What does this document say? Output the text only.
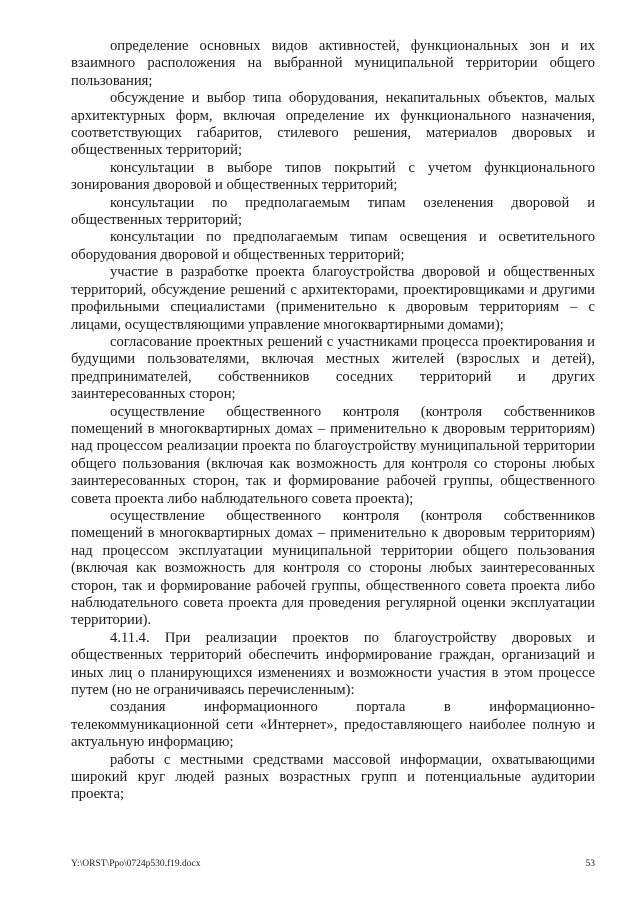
определение основных видов активностей, функциональных зон и их взаимного расположения на выбранной муниципальной территории общего пользования;

обсуждение и выбор типа оборудования, некапитальных объектов, малых архитектурных форм, включая определение их функционального назначения, соответствующих габаритов, стилевого решения, материалов дворовых и общественных территорий;

консультации в выборе типов покрытий с учетом функционального зонирования дворовой и общественных территорий;

консультации по предполагаемым типам озеленения дворовой и общественных территорий;

консультации по предполагаемым типам освещения и осветительного оборудования дворовой и общественных территорий;

участие в разработке проекта благоустройства дворовой и общественных территорий, обсуждение решений с архитекторами, проектировщиками и другими профильными специалистами (применительно к дворовым территориям – с лицами, осуществляющими управление многоквартирными домами);

согласование проектных решений с участниками процесса проектирования и будущими пользователями, включая местных жителей (взрослых и детей), предпринимателей, собственников соседних территорий и других заинтересованных сторон;

осуществление общественного контроля (контроля собственников помещений в многоквартирных домах – применительно к дворовым территориям) над процессом реализации проекта по благоустройству муниципальной территории общего пользования (включая как возможность для контроля со стороны любых заинтересованных сторон, так и формирование рабочей группы, общественного совета проекта либо наблюдательного совета проекта);

осуществление общественного контроля (контроля собственников помещений в многоквартирных домах – применительно к дворовым территориям) над процессом эксплуатации муниципальной территории общего пользования (включая как возможность для контроля со стороны любых заинтересованных сторон, так и формирование рабочей группы, общественного совета проекта либо наблюдательного совета проекта для проведения регулярной оценки эксплуатации территории).

4.11.4. При реализации проектов по благоустройству дворовых и общественных территорий обеспечить информирование граждан, организаций и иных лиц о планирующихся изменениях и возможности участия в этом процессе путем (но не ограничиваясь перечисленным):

создания информационного портала в информационно-телекоммуникационной сети «Интернет», предоставляющего наиболее полную и актуальную информацию;

работы с местными средствами массовой информации, охватывающими широкий круг людей разных возрастных групп и потенциальные аудитории проекта;

Y:\ORST\Ppo\0724p530.f19.docx	53
